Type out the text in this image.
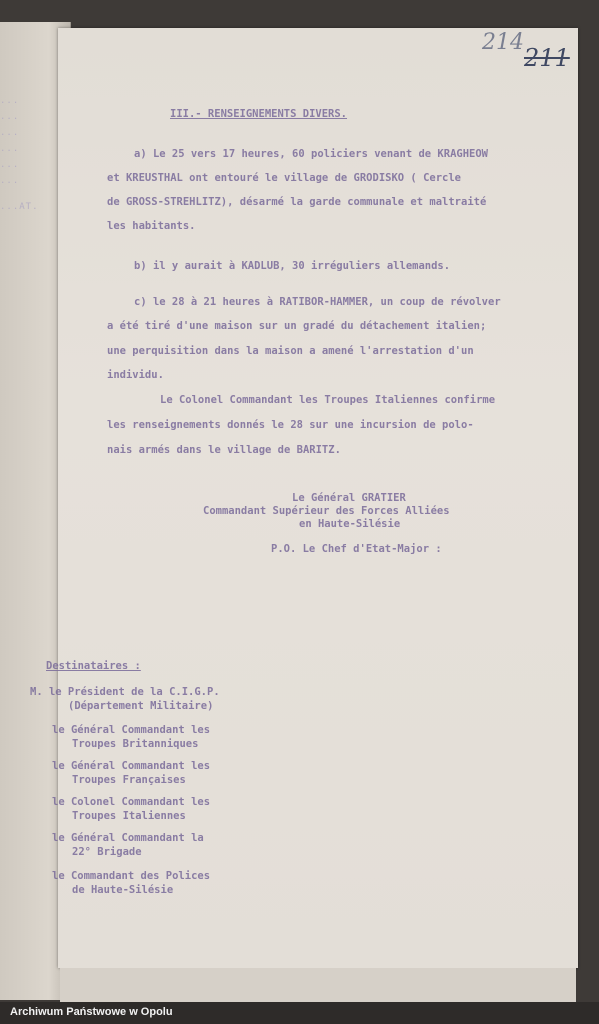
...
...
...
...
...
...
...AT.
214
211

III.- RENSEIGNEMENTS DIVERS.

a) Le 25 vers 17 heures, 60 policiers venant de KRAGHEOW

et KREUSTHAL ont entouré le village de GRODISKO ( Cercle

de GROSS-STREHLITZ), désarmé la garde communale et maltraité

les habitants.

b) il y aurait à KADLUB, 30 irréguliers allemands.

c) le 28 à 21 heures à RATIBOR-HAMMER, un coup de révolver

a été tiré d'une maison sur un gradé du détachement italien;

une perquisition dans la maison a amené l'arrestation d'un

individu.

Le Colonel Commandant les Troupes Italiennes confirme

les renseignements donnés le 28 sur une incursion de polo-

nais armés dans le village de BARITZ.

Le Général GRATIER

Commandant Supérieur des Forces Alliées

en Haute-Silésie

P.O. Le Chef d'Etat-Major :

Destinataires :

M. le Président de la C.I.G.P.

(Département Militaire)

le Général Commandant les

Troupes Britanniques

le Général Commandant les

Troupes Françaises

le Colonel Commandant les

Troupes Italiennes

le Général Commandant la

22° Brigade

le Commandant des Polices

de Haute-Silésie

Archiwum Państwowe w Opolu
